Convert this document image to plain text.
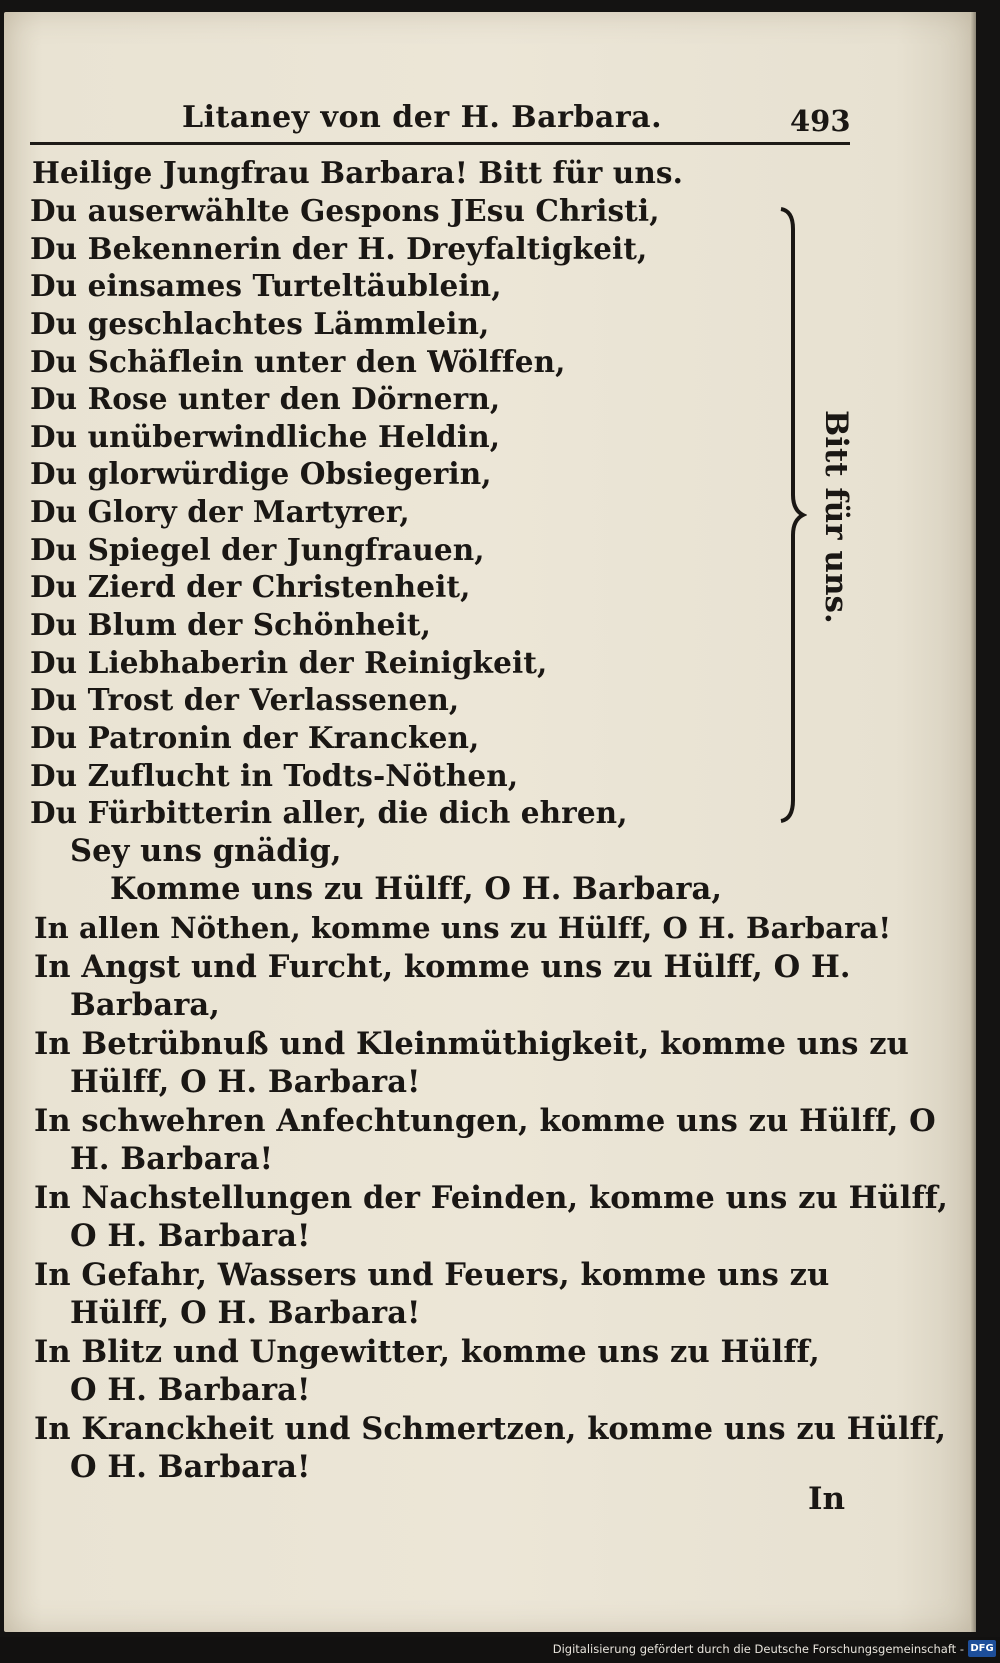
Litaney von der H. Barbara.	493
Heilige Jungfrau Barbara! Bitt für uns.
Du auserwählte Gespons JEsu Christi,
Du Bekennerin der H. Dreyfaltigkeit,
Du einsames Turteltäublein,
Du geschlachtes Lämmlein,
Du Schäflein unter den Wölffen,
Du Rose unter den Dörnern,
Du unüberwindliche Heldin,
Du glorwürdige Obsiegerin,
Du Glory der Martyrer,
Du Spiegel der Jungfrauen,
Du Zierd der Christenheit,
Du Blum der Schönheit,
Du Liebhaberin der Reinigkeit,
Du Trost der Verlassenen,
Du Patronin der Krancken,
Du Zuflucht in Todts-Nöthen,
Du Fürbitterin aller, die dich ehren,
Bitt für uns.
Sey uns gnädig,
Komme uns zu Hülff, O H. Barbara,
In allen Nöthen, komme uns zu Hülff, O H. Barbara!
In Angst und Furcht, komme uns zu Hülff, O H.
Barbara,
In Betrübnuß und Kleinmüthigkeit, komme uns zu
Hülff, O H. Barbara!
In schwehren Anfechtungen, komme uns zu Hülff, O
H. Barbara!
In Nachstellungen der Feinden, komme uns zu Hülff,
O H. Barbara!
In Gefahr, Wassers und Feuers, komme uns zu
Hülff, O H. Barbara!
In Blitz und Ungewitter, komme uns zu Hülff,
O H. Barbara!
In Kranckheit und Schmertzen, komme uns zu Hülff,
O H. Barbara!
In
Digitalisierung gefördert durch die Deutsche Forschungsgemeinschaft - DFG
